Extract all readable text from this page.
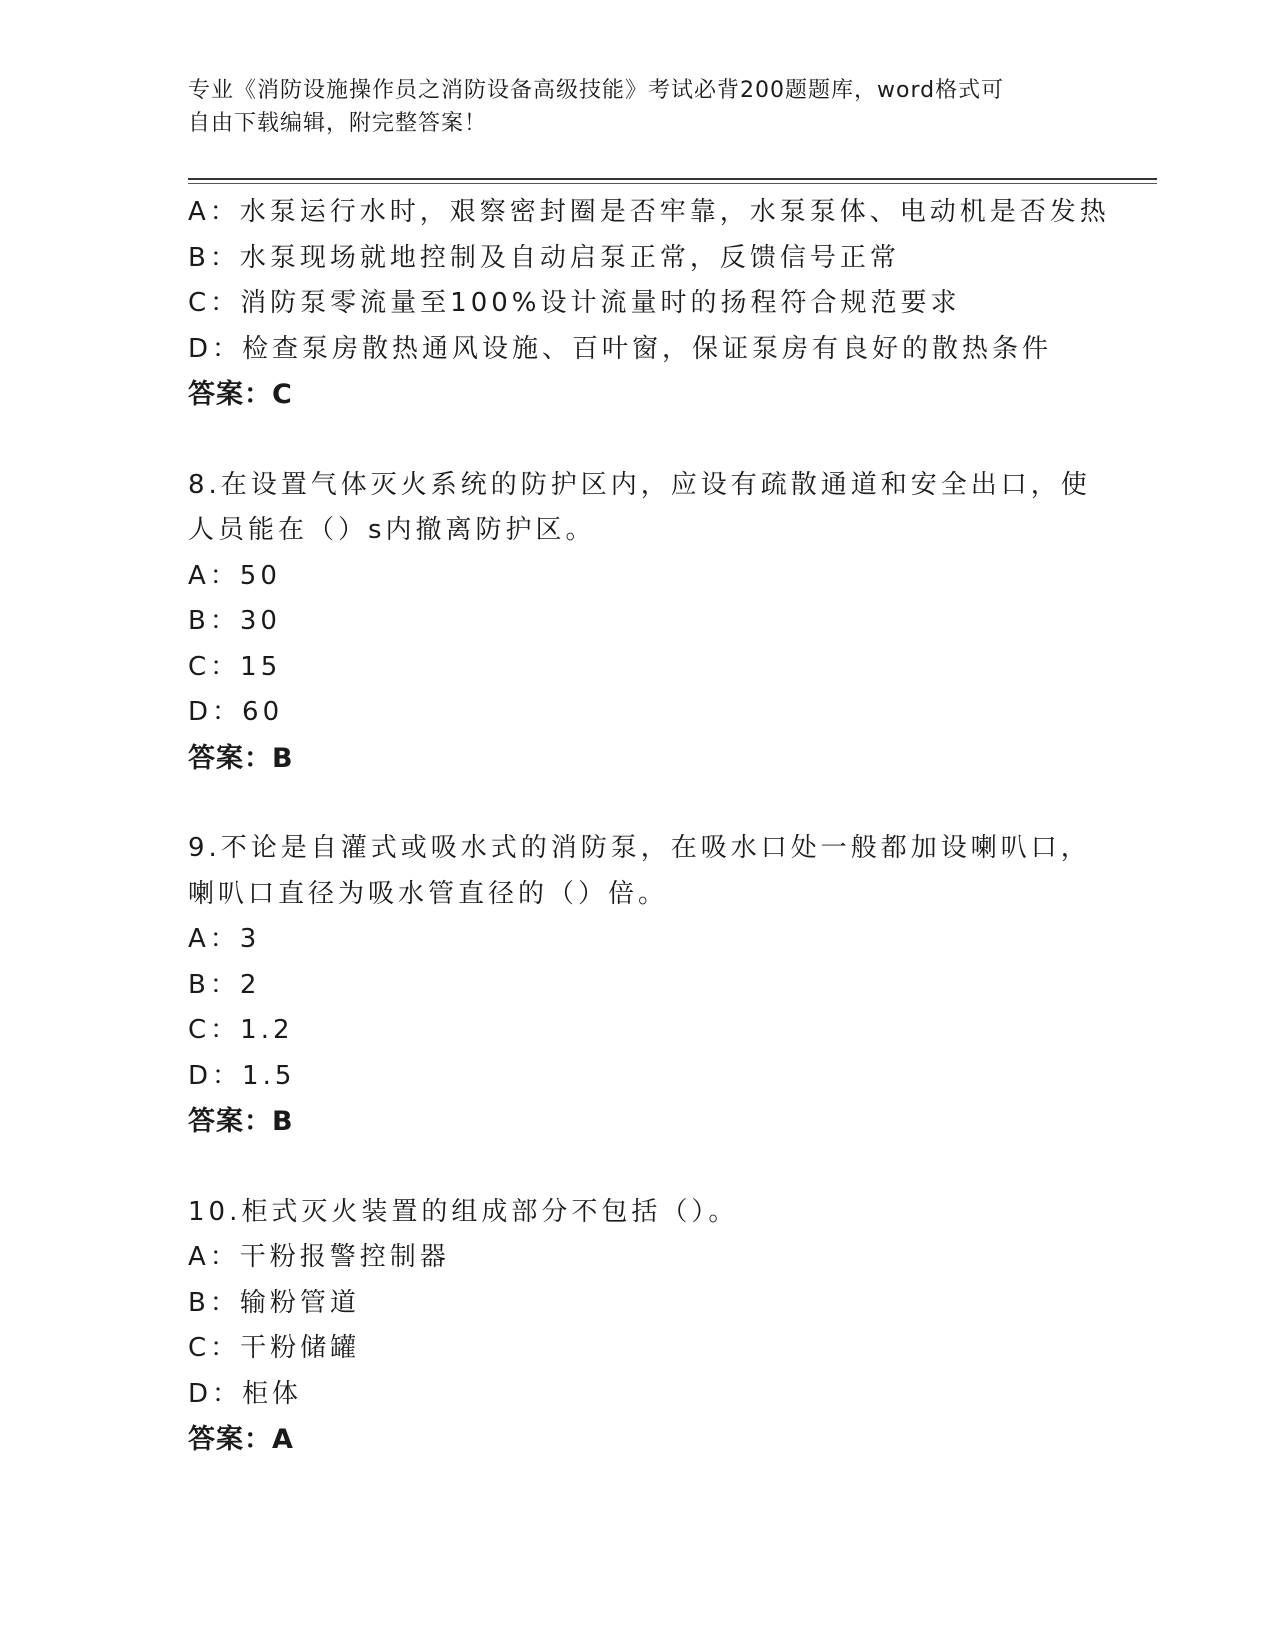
专业《消防设施操作员之消防设备高级技能》考试必背200题题库，word格式可
自由下载编辑，附完整答案！
A：水泵运行水时，艰察密封圈是否牢靠，水泵泵体、电动机是否发热
B：水泵现场就地控制及自动启泵正常，反馈信号正常
C：消防泵零流量至100%设计流量时的扬程符合规范要求
D：检查泵房散热通风设施、百叶窗，保证泵房有良好的散热条件
答案：C
8.在设置气体灭火系统的防护区内，应设有疏散通道和安全出口，使
人员能在（）s内撤离防护区。
A：50
B：30
C：15
D：60
答案：B
9.不论是自灌式或吸水式的消防泵，在吸水口处一般都加设喇叭口，
喇叭口直径为吸水管直径的（）倍。
A：3
B：2
C：1.2
D：1.5
答案：B
10.柜式灭火装置的组成部分不包括（）。
A：干粉报警控制器
B：输粉管道
C：干粉储罐
D：柜体
答案：A
